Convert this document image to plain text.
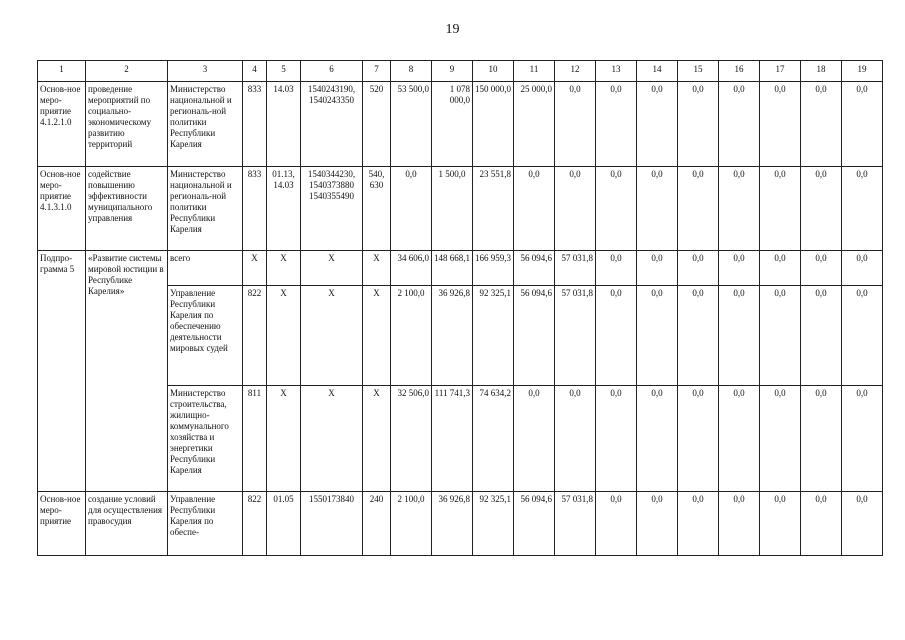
19
1	2	3	4	5	6	7	8	9	10	11	12	13	14	15	16	17	18	19
Основ-ное меро-приятие 4.1.2.1.0	проведение мероприятий по социально-экономическому развитию территорий	Министерство национальной и региональ-ной политики Республики Карелия	833	14.03	1540243190, 1540243350	520	53 500,0	1 078 000,0	150 000,0	25 000,0	0,0	0,0	0,0	0,0	0,0	0,0	0,0	0,0
Основ-ное меро-приятие 4.1.3.1.0	содействие повышению эффективности муниципального управления	Министерство национальной и региональ-ной политики Республики Карелия	833	01.13, 14.03	1540344230, 1540373880 1540355490	540, 630	0,0	1 500,0	23 551,8	0,0	0,0	0,0	0,0	0,0	0,0	0,0	0,0	0,0
Подпро-грамма 5	«Развитие системы мировой юстиции в Республике Карелия»	всего	Х	Х	Х	Х	34 606,0	148 668,1	166 959,3	56 094,6	57 031,8	0,0	0,0	0,0	0,0	0,0	0,0	0,0
		Управление Республики Карелия по обеспечению деятельности мировых судей	822	Х	Х	Х	2 100,0	36 926,8	92 325,1	56 094,6	57 031,8	0,0	0,0	0,0	0,0	0,0	0,0	0,0
		Министерство строительства, жилищно-коммунального хозяйства и энергетики Республики Карелия	811	Х	Х	Х	32 506,0	111 741,3	74 634,2	0,0	0,0	0,0	0,0	0,0	0,0	0,0	0,0	0,0
Основ-ное меро-приятие	создание условий для осуществления правосудия	Управление Республики Карелия по обеспе-	822	01.05	1550173840	240	2 100,0	36 926,8	92 325,1	56 094,6	57 031,8	0,0	0,0	0,0	0,0	0,0	0,0	0,0
